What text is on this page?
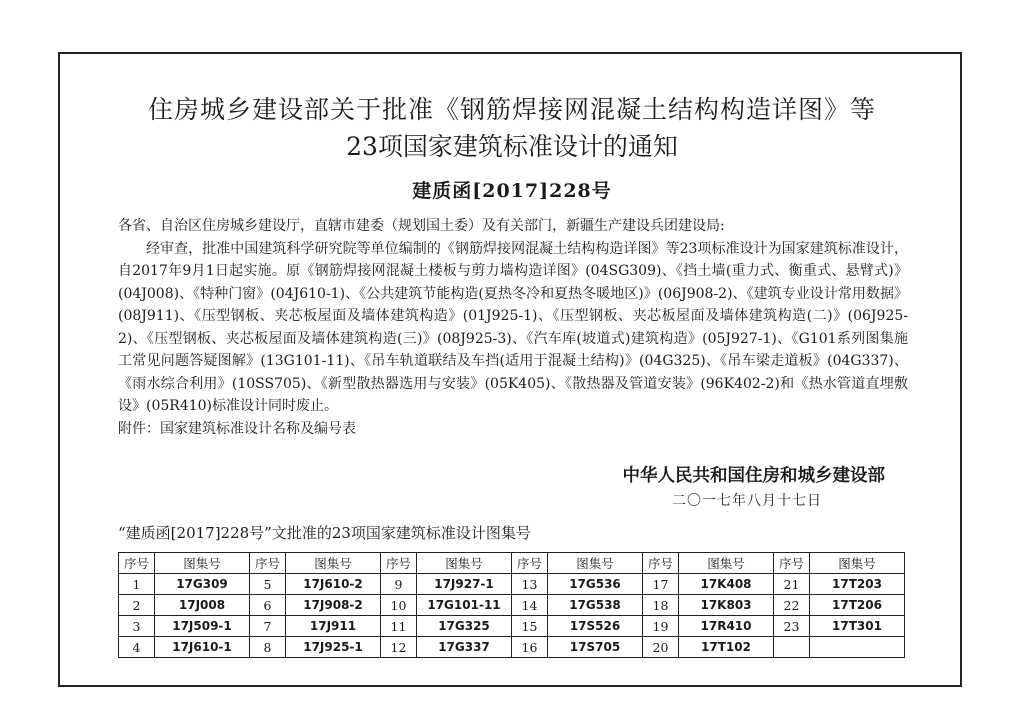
住房城乡建设部关于批准《钢筋焊接网混凝土结构构造详图》等
23项国家建筑标准设计的通知
建质函[2017]228号

各省、自治区住房城乡建设厅，直辖市建委（规划国土委）及有关部门，新疆生产建设兵团建设局:

经审查，批准中国建筑科学研究院等单位编制的《钢筋焊接网混凝土结构构造详图》等23项标准设计为国家建筑标准设计，自2017年9月1日起实施。原《钢筋焊接网混凝土楼板与剪力墙构造详图》(04SG309)、《挡土墙(重力式、衡重式、悬臂式)》(04J008)、《特种门窗》(04J610-1)、《公共建筑节能构造(夏热冬冷和夏热冬暖地区)》(06J908-2)、《建筑专业设计常用数据》(08J911)、《压型钢板、夹芯板屋面及墙体建筑构造》(01J925-1)、《压型钢板、夹芯板屋面及墙体建筑构造(二)》(06J925-2)、《压型钢板、夹芯板屋面及墙体建筑构造(三)》(08J925-3)、《汽车库(坡道式)建筑构造》(05J927-1)、《G101系列图集施工常见问题答疑图解》(13G101-11)、《吊车轨道联结及车挡(适用于混凝土结构)》(04G325)、《吊车梁走道板》(04G337)、《雨水综合利用》(10SS705)、《新型散热器选用与安装》(05K405)、《散热器及管道安装》(96K402-2)和《热水管道直埋敷设》(05R410)标准设计同时废止。

附件：国家建筑标准设计名称及编号表

中华人民共和国住房和城乡建设部
二〇一七年八月十七日
“建质函[2017]228号”文批准的23项国家建筑标准设计图集号
序号	图集号	序号	图集号	序号	图集号	序号	图集号	序号	图集号	序号	图集号
1	17G309	5	17J610-2	9	17J927-1	13	17G536	17	17K408	21	17T203
2	17J008	6	17J908-2	10	17G101-11	14	17G538	18	17K803	22	17T206
3	17J509-1	7	17J911	11	17G325	15	17S526	19	17R410	23	17T301
4	17J610-1	8	17J925-1	12	17G337	16	17S705	20	17T102		
